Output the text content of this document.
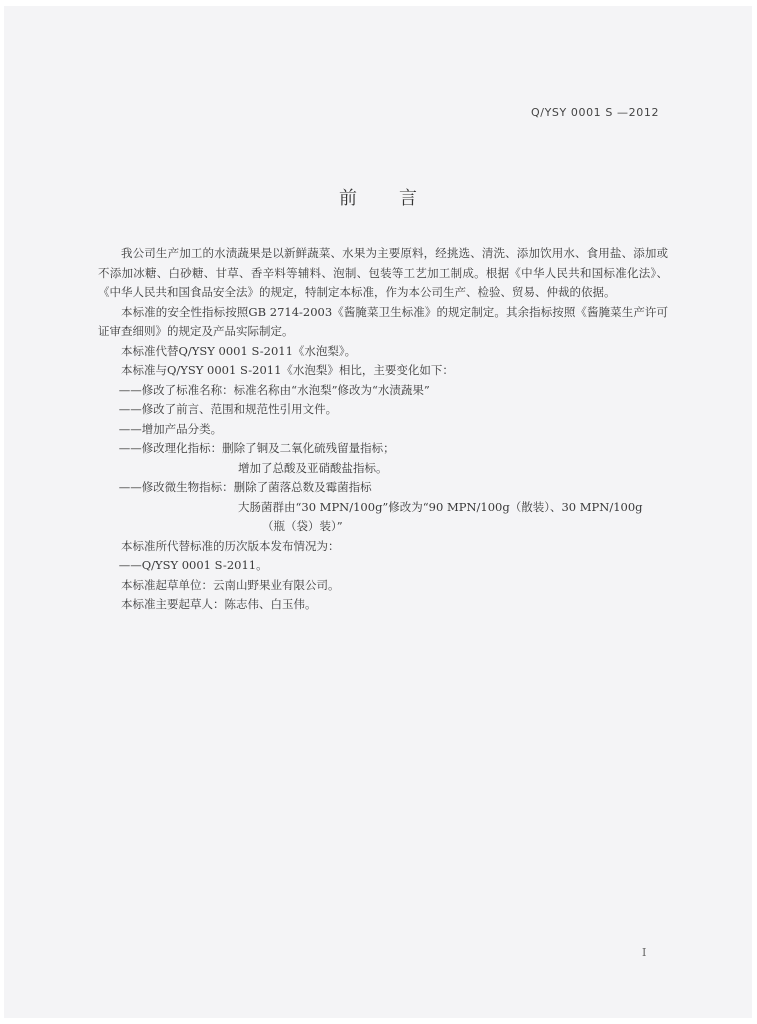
Q/YSY 0001 S —2012
前言

我公司生产加工的水渍蔬果是以新鲜蔬菜、水果为主要原料，经挑选、清洗、添加饮用水、食用盐、添加或不添加冰糖、白砂糖、甘草、香辛料等辅料、泡制、包装等工艺加工制成。根据《中华人民共和国标准化法》、《中华人民共和国食品安全法》的规定，特制定本标准，作为本公司生产、检验、贸易、仲裁的依据。

本标准的安全性指标按照GB 2714-2003《酱腌菜卫生标准》的规定制定。其余指标按照《酱腌菜生产许可证审查细则》的规定及产品实际制定。

本标准代替Q/YSY 0001 S-2011《水泡梨》。

本标准与Q/YSY 0001 S-2011《水泡梨》相比，主要变化如下：

——修改了标准名称：标准名称由“水泡梨”修改为“水渍蔬果”

——修改了前言、范围和规范性引用文件。

——增加产品分类。

——修改理化指标：删除了铜及二氧化硫残留量指标；

增加了总酸及亚硝酸盐指标。

——修改微生物指标：删除了菌落总数及霉菌指标

大肠菌群由“30 MPN/100g”修改为“90 MPN/100g（散装）、30 MPN/100g

（瓶（袋）装）”

本标准所代替标准的历次版本发布情况为：

——Q/YSY 0001 S-2011。

本标准起草单位：云南山野果业有限公司。

本标准主要起草人：陈志伟、白玉伟。

I
